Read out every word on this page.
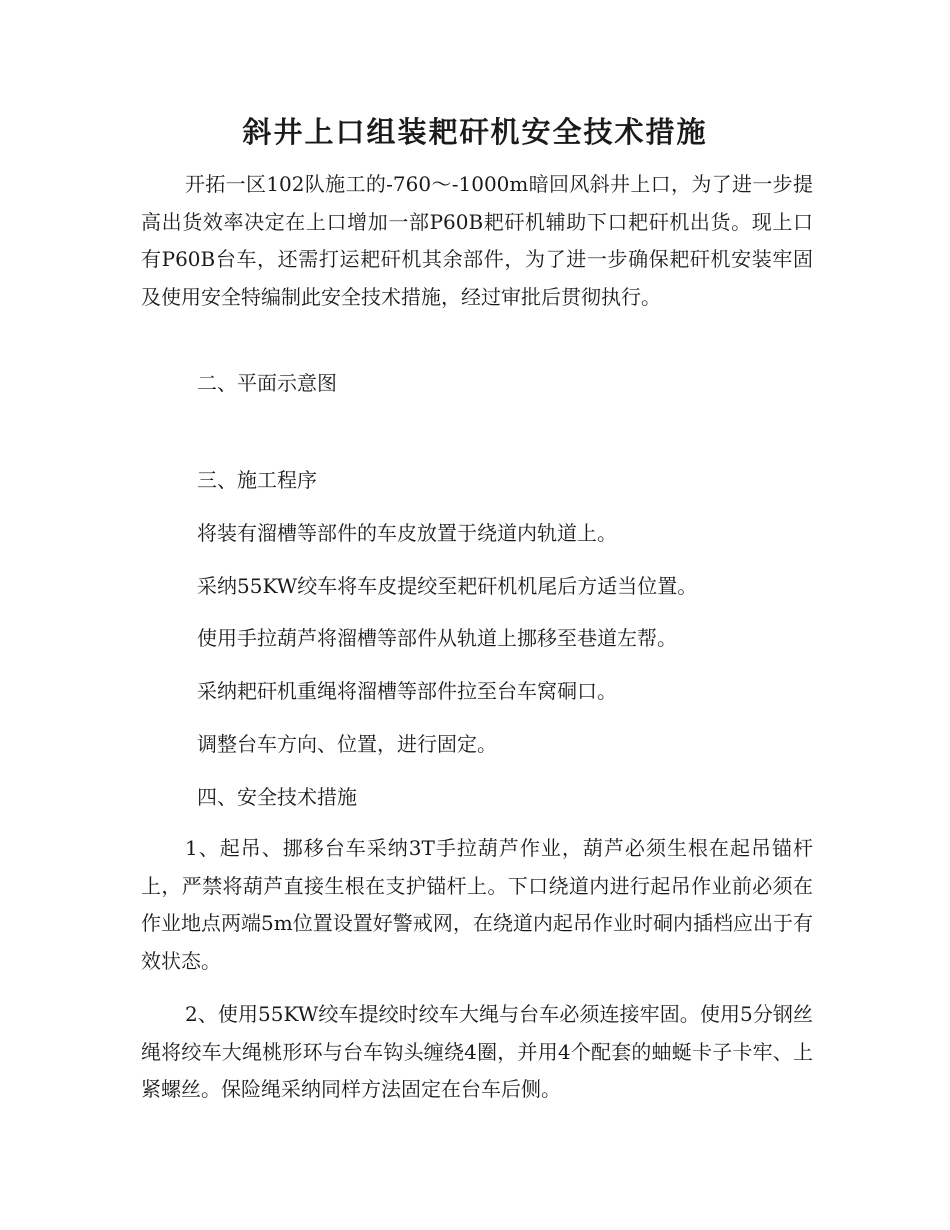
斜井上口组装耙矸机安全技术措施

开拓一区102队施工的-760～-1000m暗回风斜井上口，为了进一步提高出货效率决定在上口增加一部P60B耙矸机辅助下口耙矸机出货。现上口有P60B台车，还需打运耙矸机其余部件，为了进一步确保耙矸机安装牢固及使用安全特编制此安全技术措施，经过审批后贯彻执行。

二、平面示意图

三、施工程序

将装有溜槽等部件的车皮放置于绕道内轨道上。

采纳55KW绞车将车皮提绞至耙矸机机尾后方适当位置。

使用手拉葫芦将溜槽等部件从轨道上挪移至巷道左帮。

采纳耙矸机重绳将溜槽等部件拉至台车窝硐口。

调整台车方向、位置，进行固定。

四、安全技术措施

1、起吊、挪移台车采纳3T手拉葫芦作业，葫芦必须生根在起吊锚杆上，严禁将葫芦直接生根在支护锚杆上。下口绕道内进行起吊作业前必须在作业地点两端5m位置设置好警戒网，在绕道内起吊作业时硐内插档应出于有效状态。

2、使用55KW绞车提绞时绞车大绳与台车必须连接牢固。使用5分钢丝绳将绞车大绳桃形环与台车钩头缠绕4圈，并用4个配套的蚰蜒卡子卡牢、上紧螺丝。保险绳采纳同样方法固定在台车后侧。
